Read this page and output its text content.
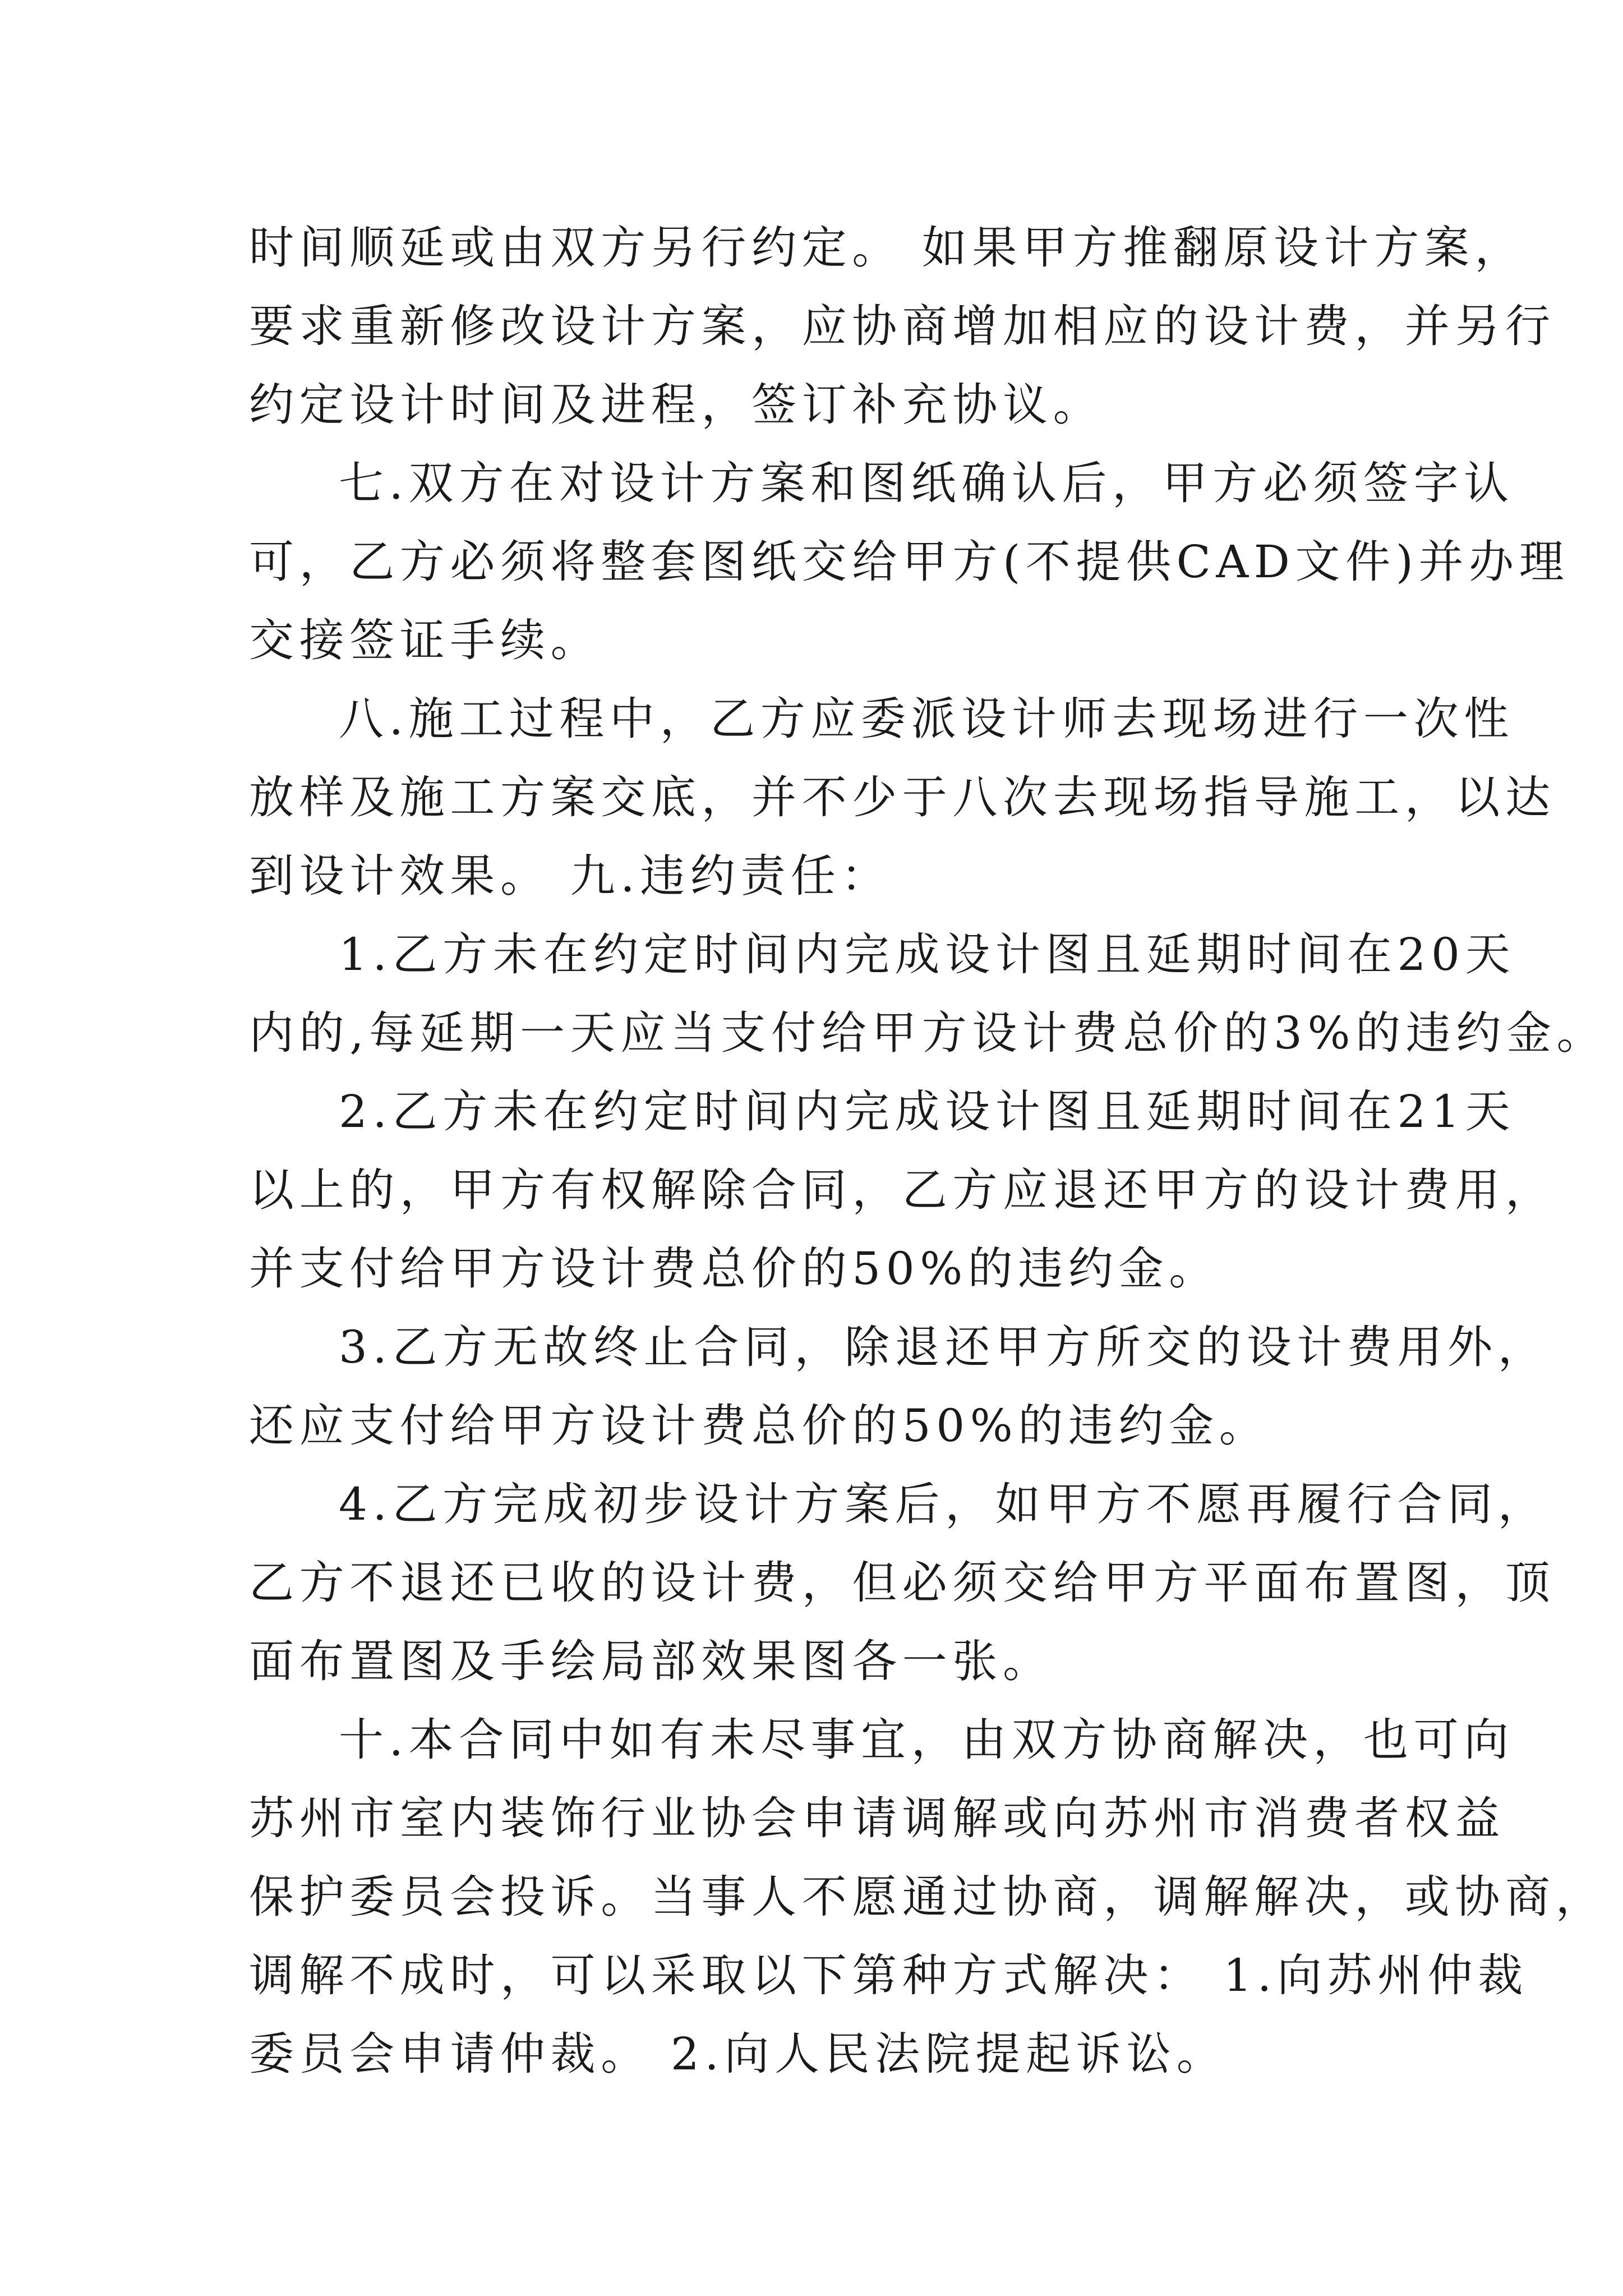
时间顺延或由双方另行约定。 如果甲方推翻原设计方案，
要求重新修改设计方案，应协商增加相应的设计费，并另行
约定设计时间及进程，签订补充协议。
七.双方在对设计方案和图纸确认后，甲方必须签字认
可，乙方必须将整套图纸交给甲方(不提供CAD文件)并办理
交接签证手续。
八.施工过程中，乙方应委派设计师去现场进行一次性
放样及施工方案交底，并不少于八次去现场指导施工，以达
到设计效果。 九.违约责任：
1.乙方未在约定时间内完成设计图且延期时间在20天
内的,每延期一天应当支付给甲方设计费总价的3%的违约金。
2.乙方未在约定时间内完成设计图且延期时间在21天
以上的，甲方有权解除合同，乙方应退还甲方的设计费用，
并支付给甲方设计费总价的50%的违约金。
3.乙方无故终止合同，除退还甲方所交的设计费用外，
还应支付给甲方设计费总价的50%的违约金。
4.乙方完成初步设计方案后，如甲方不愿再履行合同，
乙方不退还已收的设计费，但必须交给甲方平面布置图，顶
面布置图及手绘局部效果图各一张。
十.本合同中如有未尽事宜，由双方协商解决，也可向
苏州市室内装饰行业协会申请调解或向苏州市消费者权益
保护委员会投诉。当事人不愿通过协商，调解解决，或协商，
调解不成时，可以采取以下第种方式解决： 1.向苏州仲裁
委员会申请仲裁。 2.向人民法院提起诉讼。
